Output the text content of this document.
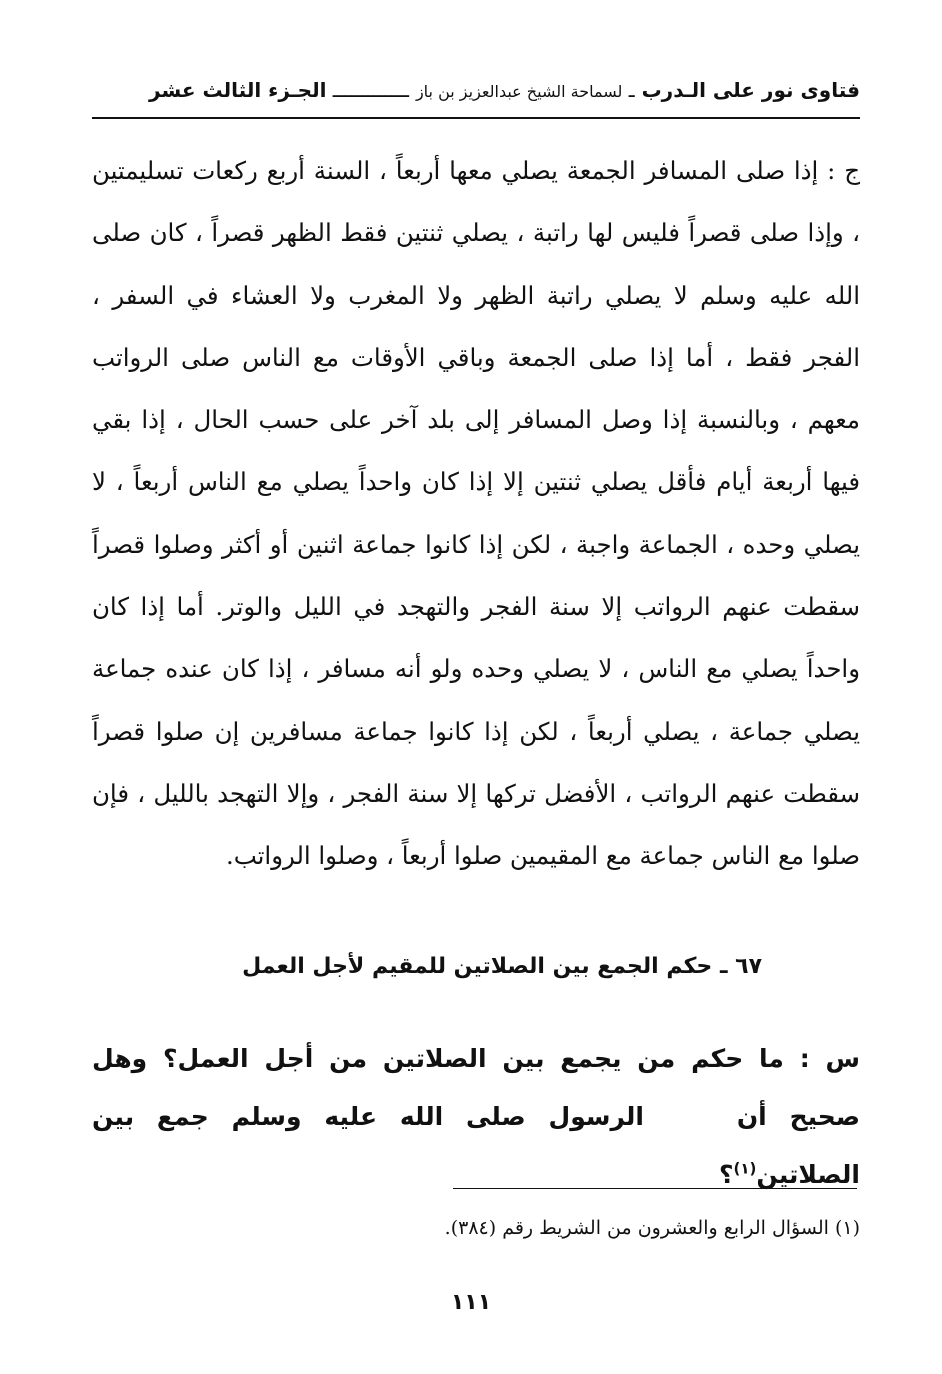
فتاوى نور على الـدرب ـ لسماحة الشيخ عبدالعزيز بن باز ـــــــــــــ الجـزء الثالث عشر
ج : إذا صلى المسافر الجمعة يصلي معها أربعاً ، السنة أربع ركعات تسليمتين ، وإذا صلى قصراً فليس لها راتبة ، يصلي ثنتين فقط الظهر قصراً ، كان صلى الله عليه وسلم لا يصلي راتبة الظهر ولا المغرب ولا العشاء في السفر ، الفجر فقط ، أما إذا صلى الجمعة وباقي الأوقات مع الناس صلى الرواتب معهم ، وبالنسبة إذا وصل المسافر إلى بلد آخر على حسب الحال ، إذا بقي فيها أربعة أيام فأقل يصلي ثنتين إلا إذا كان واحداً يصلي مع الناس أربعاً ، لا يصلي وحده ، الجماعة واجبة ، لكن إذا كانوا جماعة اثنين أو أكثر وصلوا قصراً سقطت عنهم الرواتب إلا سنة الفجر والتهجد في الليل والوتر. أما إذا كان واحداً يصلي مع الناس ، لا يصلي وحده ولو أنه مسافر ، إذا كان عنده جماعة يصلي جماعة ، يصلي أربعاً ، لكن إذا كانوا جماعة مسافرين إن صلوا قصراً سقطت عنهم الرواتب ، الأفضل تركها إلا سنة الفجر ، وإلا التهجد بالليل ، فإن صلوا مع الناس جماعة مع المقيمين صلوا أربعاً ، وصلوا الرواتب.
٦٧ ـ حكم الجمع بين الصلاتين للمقيم لأجل العمل
س : ما حكم من يجمع بين الصلاتين من أجل العمل؟ وهل صحيح أن الرسول صلى الله عليه وسلم جمع بين الصلاتين$^{(١)}$؟
(١) السؤال الرابع والعشرون من الشريط رقم (٣٨٤).
١١١
